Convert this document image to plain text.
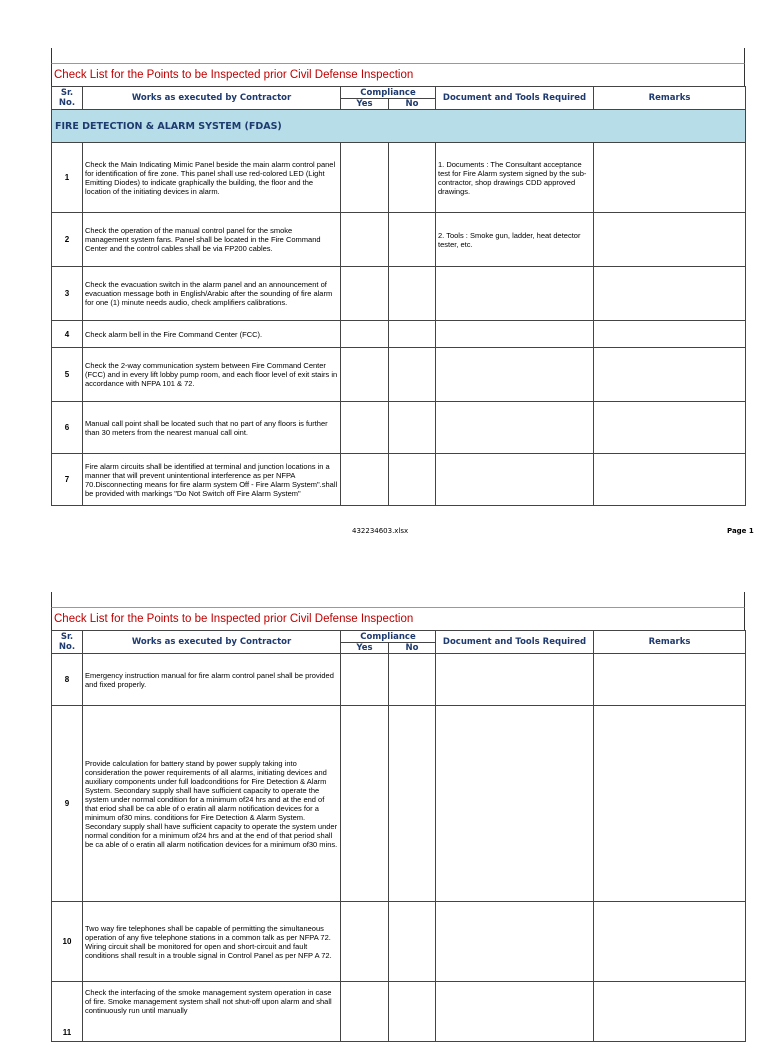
Check List for the Points to be Inspected prior Civil Defense Inspection
Sr. No.	Works as executed by Contractor	Compliance		Document and Tools Required	Remarks
		Yes	No		
FIRE DETECTION & ALARM SYSTEM (FDAS)					
1	Check the Main Indicating Mimic Panel beside the main alarm control panel for identification of fire zone. This panel shall use red-colored LED (Light Emitting Diodes) to indicate graphically the building, the floor and the location of the initiating devices in alarm.			1. Documents : The Consultant acceptance test for Fire Alarm system signed by the sub-contractor, shop drawings CDD approved drawings.	
2	Check the operation of the manual control panel for the smoke management system fans. Panel shall be located in the Fire Command Center and the control cables shall be via FP200 cables.			2. Tools : Smoke gun, ladder, heat detector tester, etc.	
3	Check the evacuation switch in the alarm panel and an announcement of evacuation message both in English/Arabic after the sounding of fire alarm for one (1) minute needs audio, check amplifiers calibrations.				
4	Check alarm bell in the Fire Command Center (FCC).				
5	Check the 2-way communication system between Fire Command Center (FCC) and in every lift lobby pump room, and each floor level of exit stairs in accordance with NFPA 101 & 72.				
6	Manual call point shall be located such that no part of any floors is further than 30 meters from the nearest manual call oint.				
7	Fire alarm circuits shall be identified at terminal and junction locations in a manner that will prevent unintentional interference as per NFPA 70.Disconnecting means for fire alarm system Off - Fire Alarm System".shall be provided with markings "Do Not Switch off Fire Alarm System"				
432234603.xlsx	Page 1
Check List for the Points to be Inspected prior Civil Defense Inspection
Sr. No.	Works as executed by Contractor	Compliance		Document and Tools Required	Remarks
		Yes	No		
8	Emergency instruction manual for fire alarm control panel shall be provided and fixed properly.				
9	Provide calculation for battery stand by power supply taking into consideration the power requirements of all alarms, initiating devices and auxiliary components under full loadconditions for Fire Detection & Alarm System. Secondary supply shall have sufficient capacity to operate the system under normal condition for a minimum of24 hrs and at the end of that eriod shall be ca able of o eratin all alarm notification devices for a minimum of30 mins. conditions for Fire Detection & Alarm System. Secondary supply shall have sufficient capacity to operate the system under normal condition for a minimum of24 hrs and at the end of that period shall be ca able of o eratin all alarm notification devices for a minimum of30 mins.				
10	Two way fire telephones shall be capable of permitting the simultaneous operation of any five telephone stations in a common talk as per NFPA 72. Wiring circuit shall be monitored for open and short-circuit and fault conditions shall result in a trouble signal in Control Panel as per NFP A 72.				
11	Check the interfacing of the smoke management system operation in case of fire. Smoke management system shall not shut-off upon alarm and shall continuously run until manually				
